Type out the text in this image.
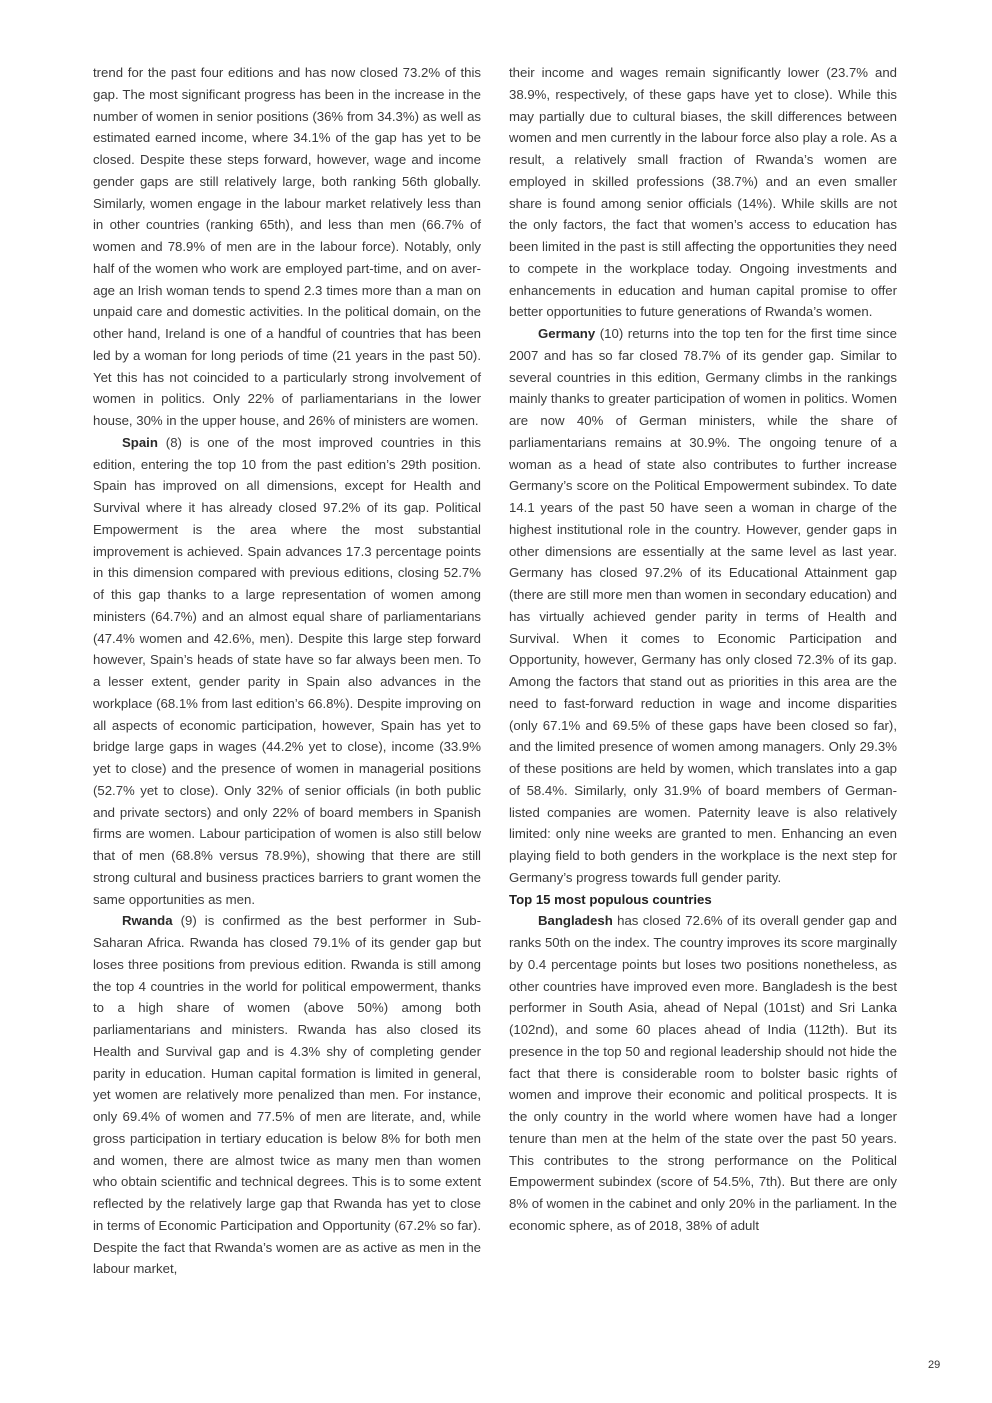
trend for the past four editions and has now closed 73.2% of this gap. The most significant progress has been in the increase in the number of women in senior positions (36% from 34.3%) as well as estimated earned income, where 34.1% of the gap has yet to be closed. Despite these steps forward, however, wage and income gender gaps are still relatively large, both ranking 56th globally. Similarly, women engage in the labour market relatively less than in other countries (ranking 65th), and less than men (66.7% of women and 78.9% of men are in the labour force). Notably, only half of the women who work are employed part-time, and on average an Irish woman tends to spend 2.3 times more than a man on unpaid care and domestic activities. In the political domain, on the other hand, Ireland is one of a handful of countries that has been led by a woman for long periods of time (21 years in the past 50). Yet this has not coincided to a particularly strong involvement of women in politics. Only 22% of parliamentarians in the lower house, 30% in the upper house, and 26% of ministers are women.

Spain (8) is one of the most improved countries in this edition, entering the top 10 from the past edition’s 29th position. Spain has improved on all dimensions, except for Health and Survival where it has already closed 97.2% of its gap. Political Empowerment is the area where the most substantial improvement is achieved. Spain advances 17.3 percentage points in this dimension compared with previous editions, closing 52.7% of this gap thanks to a large representation of women among ministers (64.7%) and an almost equal share of parliamentarians (47.4% women and 42.6%, men). Despite this large step forward however, Spain’s heads of state have so far always been men. To a lesser extent, gender parity in Spain also advances in the workplace (68.1% from last edition’s 66.8%). Despite improving on all aspects of economic participation, however, Spain has yet to bridge large gaps in wages (44.2% yet to close), income (33.9% yet to close) and the presence of women in managerial positions (52.7% yet to close). Only 32% of senior officials (in both public and private sectors) and only 22% of board members in Spanish firms are women. Labour participation of women is also still below that of men (68.8% versus 78.9%), showing that there are still strong cultural and business practices barriers to grant women the same opportunities as men.

Rwanda (9) is confirmed as the best performer in Sub-Saharan Africa. Rwanda has closed 79.1% of its gender gap but loses three positions from previous edition. Rwanda is still among the top 4 countries in the world for political empowerment, thanks to a high share of women (above 50%) among both parliamentarians and ministers. Rwanda has also closed its Health and Survival gap and is 4.3% shy of completing gender parity in education. Human capital formation is limited in general, yet women are relatively more penalized than men. For instance, only 69.4% of women and 77.5% of men are literate, and, while gross participation in tertiary education is below 8% for both men and women, there are almost twice as many men than women who obtain scientific and technical degrees. This is to some extent reflected by the relatively large gap that Rwanda has yet to close in terms of Economic Participation and Opportunity (67.2% so far). Despite the fact that Rwanda’s women are as active as men in the labour market,

their income and wages remain significantly lower (23.7% and 38.9%, respectively, of these gaps have yet to close). While this may partially due to cultural biases, the skill differences between women and men currently in the labour force also play a role. As a result, a relatively small fraction of Rwanda’s women are employed in skilled professions (38.7%) and an even smaller share is found among senior officials (14%). While skills are not the only factors, the fact that women’s access to education has been limited in the past is still affecting the opportunities they need to compete in the workplace today. Ongoing investments and enhancements in education and human capital promise to offer better opportunities to future generations of Rwanda’s women.

Germany (10) returns into the top ten for the first time since 2007 and has so far closed 78.7% of its gender gap. Similar to several countries in this edition, Germany climbs in the rankings mainly thanks to greater participation of women in politics. Women are now 40% of German ministers, while the share of parliamentarians remains at 30.9%. The ongoing tenure of a woman as a head of state also contributes to further increase Germany’s score on the Political Empowerment subindex. To date 14.1 years of the past 50 have seen a woman in charge of the highest institutional role in the country. However, gender gaps in other dimensions are essentially at the same level as last year. Germany has closed 97.2% of its Educational Attainment gap (there are still more men than women in secondary education) and has virtually achieved gender parity in terms of Health and Survival. When it comes to Economic Participation and Opportunity, however, Germany has only closed 72.3% of its gap. Among the factors that stand out as priorities in this area are the need to fast-forward reduction in wage and income disparities (only 67.1% and 69.5% of these gaps have been closed so far), and the limited presence of women among managers. Only 29.3% of these positions are held by women, which translates into a gap of 58.4%. Similarly, only 31.9% of board members of German-listed companies are women. Paternity leave is also relatively limited: only nine weeks are granted to men. Enhancing an even playing field to both genders in the workplace is the next step for Germany’s progress towards full gender parity.

Top 15 most populous countries

Bangladesh has closed 72.6% of its overall gender gap and ranks 50th on the index. The country improves its score marginally by 0.4 percentage points but loses two positions nonetheless, as other countries have improved even more. Bangladesh is the best performer in South Asia, ahead of Nepal (101st) and Sri Lanka (102nd), and some 60 places ahead of India (112th). But its presence in the top 50 and regional leadership should not hide the fact that there is considerable room to bolster basic rights of women and improve their economic and political prospects. It is the only country in the world where women have had a longer tenure than men at the helm of the state over the past 50 years. This contributes to the strong performance on the Political Empowerment subindex (score of 54.5%, 7th). But there are only 8% of women in the cabinet and only 20% in the parliament. In the economic sphere, as of 2018, 38% of adult

29
